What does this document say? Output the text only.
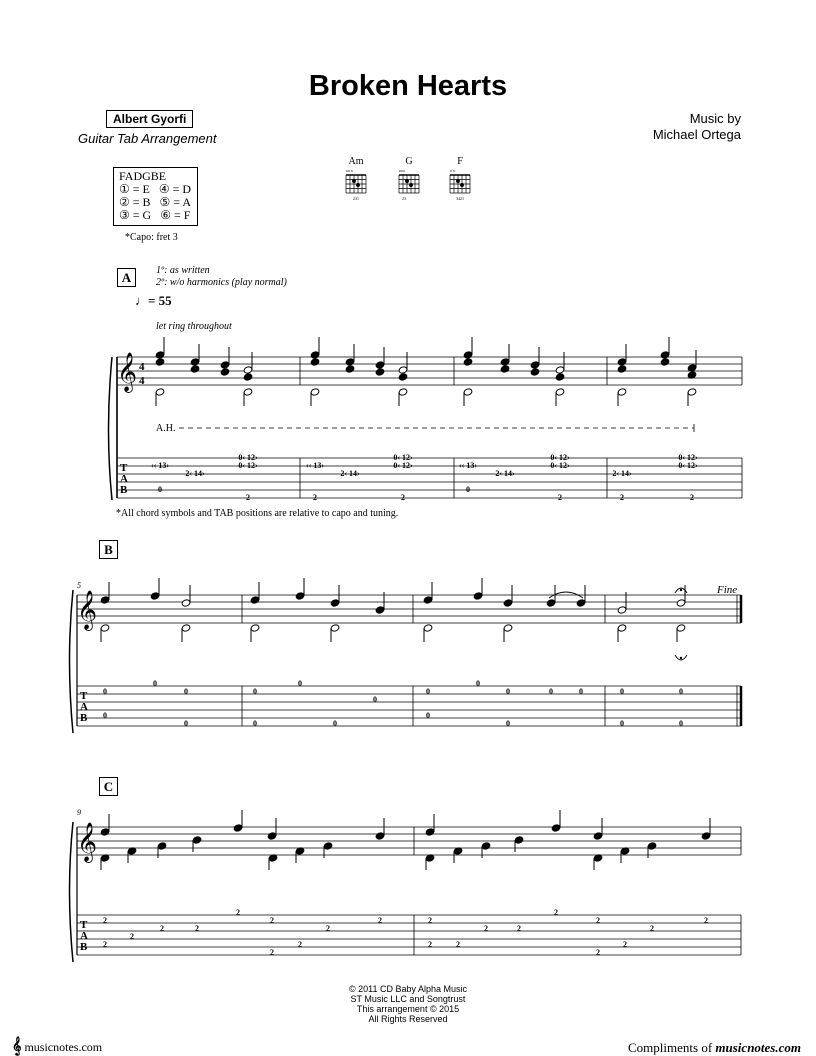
Broken Hearts
Albert Gyorfi
Guitar Tab Arrangement
Music by
Michael Ortega
Am	G	F
xo o	ooo	o x
231	23	3421
FADGBE
① = E   ④ = D
② = B   ⑤ = A
③ = G   ⑥ = F
*Capo: fret 3
A	1º: as written
2º: w/o harmonics (play normal)
♩= 55
let ring throughout
T
A
B
𝄞 4
4
‹‹ 13›
2‹ 14›
0‹ 12›
0‹ 12›	‹‹ 13›
2‹ 14›
0‹ 12›
0‹ 12›	‹‹ 13›
2‹ 14›
0‹ 12›
0‹ 12›
2‹ 14›
0‹ 12›
0‹ 12›
0
2	2	2
0
2	2	2
T
A
B
𝄞
0
0
0	0
0
0
0
0
0	0	0	0	0
0
0	0	0
0
0	0	0
T
A
B
𝄞
2
2
2	2
2
2
2
2
2	2
2
2	2
2
2
2
2
2
2
2
2
2
A.H.
5	Fine
9
B
C
*All chord symbols and TAB positions are relative to capo and tuning.
© 2011 CD Baby Alpha Music
ST Music LLC and Songtrust
This arrangement © 2015
All Rights Reserved
𝄞 musicnotes.com	Compliments of musicnotes.com
